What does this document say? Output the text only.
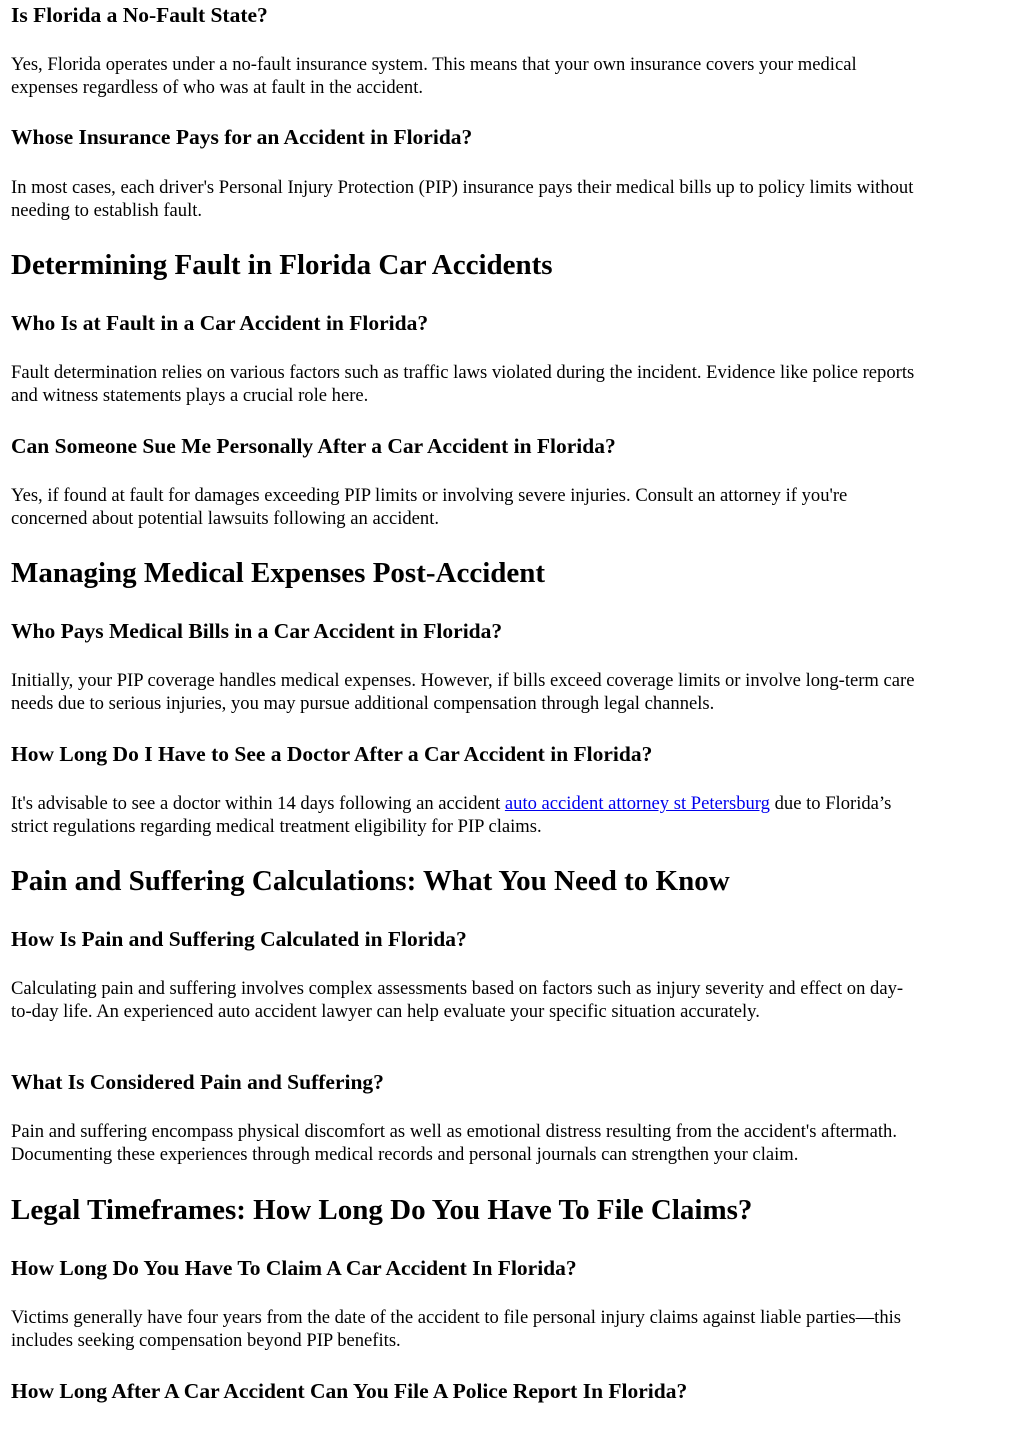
Is Florida a No-Fault State?

Yes, Florida operates under a no-fault insurance system. This means that your own insurance covers your medical
expenses regardless of who was at fault in the accident.

Whose Insurance Pays for an Accident in Florida?

In most cases, each driver's Personal Injury Protection (PIP) insurance pays their medical bills up to policy limits without
needing to establish fault.

Determining Fault in Florida Car Accidents
Who Is at Fault in a Car Accident in Florida?

Fault determination relies on various factors such as traffic laws violated during the incident. Evidence like police reports
and witness statements plays a crucial role here.

Can Someone Sue Me Personally After a Car Accident in Florida?

Yes, if found at fault for damages exceeding PIP limits or involving severe injuries. Consult an attorney if you're
concerned about potential lawsuits following an accident.

Managing Medical Expenses Post-Accident
Who Pays Medical Bills in a Car Accident in Florida?

Initially, your PIP coverage handles medical expenses. However, if bills exceed coverage limits or involve long-term care
needs due to serious injuries, you may pursue additional compensation through legal channels.

How Long Do I Have to See a Doctor After a Car Accident in Florida?

It's advisable to see a doctor within 14 days following an accident auto accident attorney st Petersburg due to Florida’s
strict regulations regarding medical treatment eligibility for PIP claims.

Pain and Suffering Calculations: What You Need to Know
How Is Pain and Suffering Calculated in Florida?

Calculating pain and suffering involves complex assessments based on factors such as injury severity and effect on day-
to-day life. An experienced auto accident lawyer can help evaluate your specific situation accurately.

What Is Considered Pain and Suffering?

Pain and suffering encompass physical discomfort as well as emotional distress resulting from the accident's aftermath.
Documenting these experiences through medical records and personal journals can strengthen your claim.

Legal Timeframes: How Long Do You Have To File Claims?
How Long Do You Have To Claim A Car Accident In Florida?

Victims generally have four years from the date of the accident to file personal injury claims against liable parties—this
includes seeking compensation beyond PIP benefits.

How Long After A Car Accident Can You File A Police Report In Florida?
